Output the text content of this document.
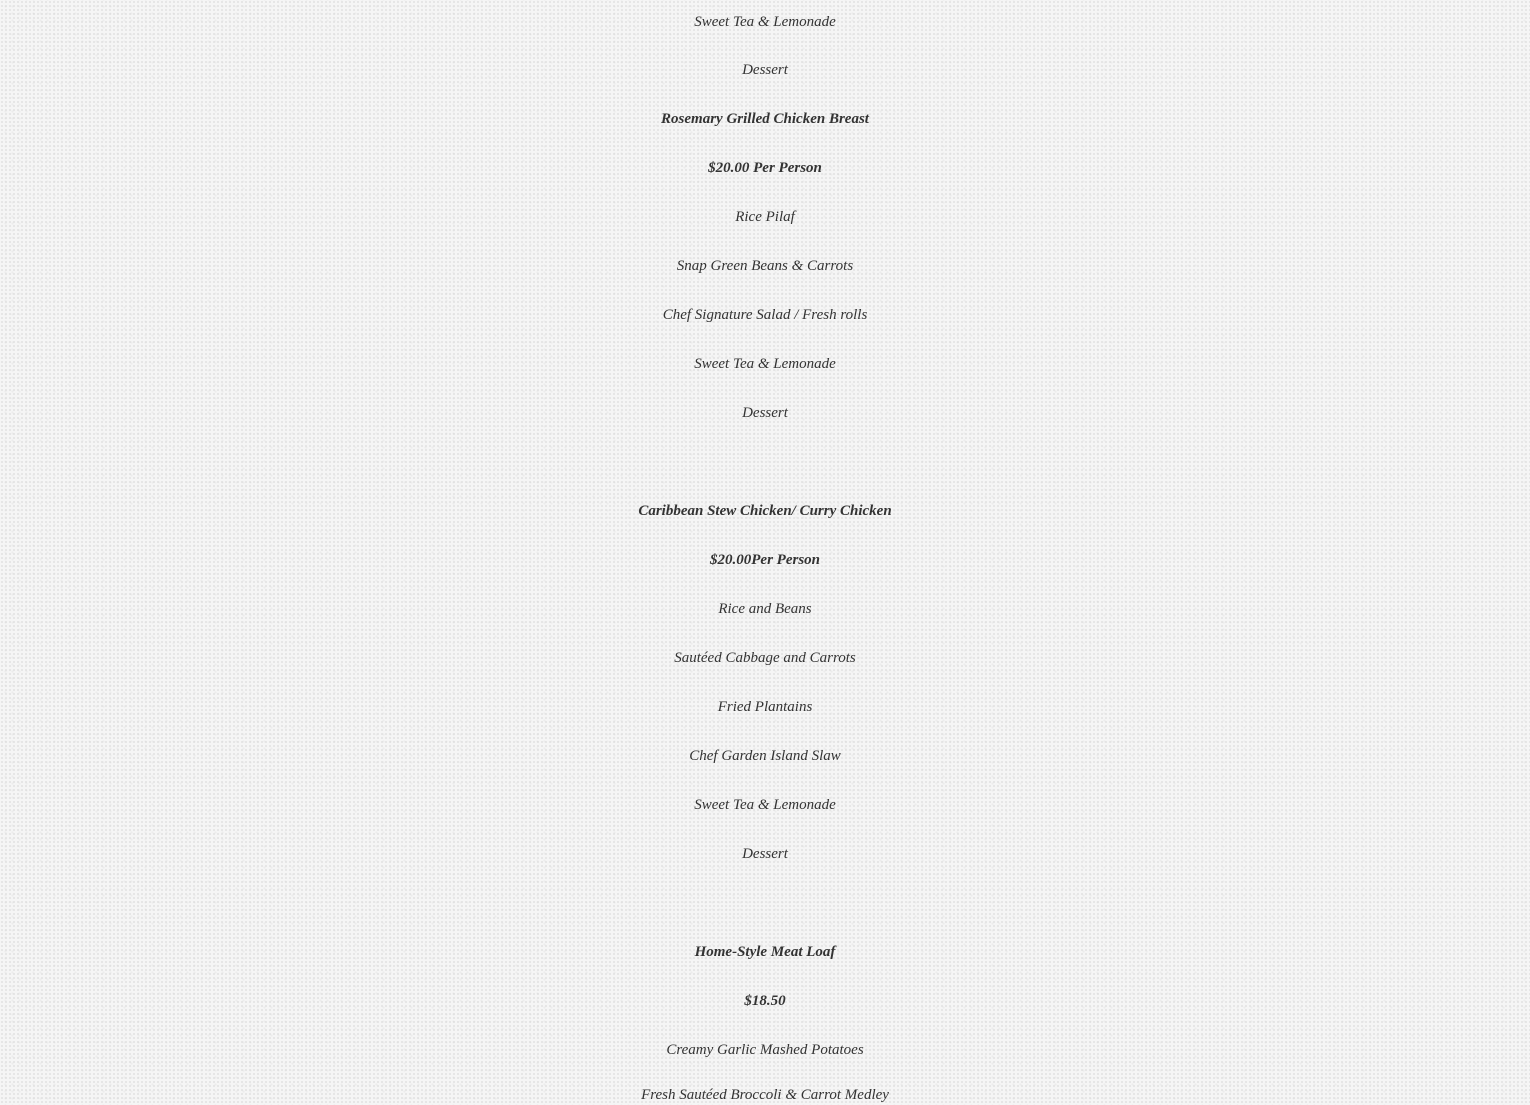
Sweet Tea & Lemonade

Dessert

Rosemary Grilled Chicken Breast

$20.00 Per Person

Rice Pilaf

Snap Green Beans & Carrots

Chef Signature Salad / Fresh rolls

Sweet Tea & Lemonade

Dessert

Caribbean Stew Chicken/ Curry Chicken

$20.00Per Person

Rice and Beans

Sautéed Cabbage and Carrots

Fried Plantains

Chef Garden Island Slaw

Sweet Tea & Lemonade

Dessert

Home-Style Meat Loaf

$18.50

Creamy Garlic Mashed Potatoes

Fresh Sautéed Broccoli & Carrot Medley
